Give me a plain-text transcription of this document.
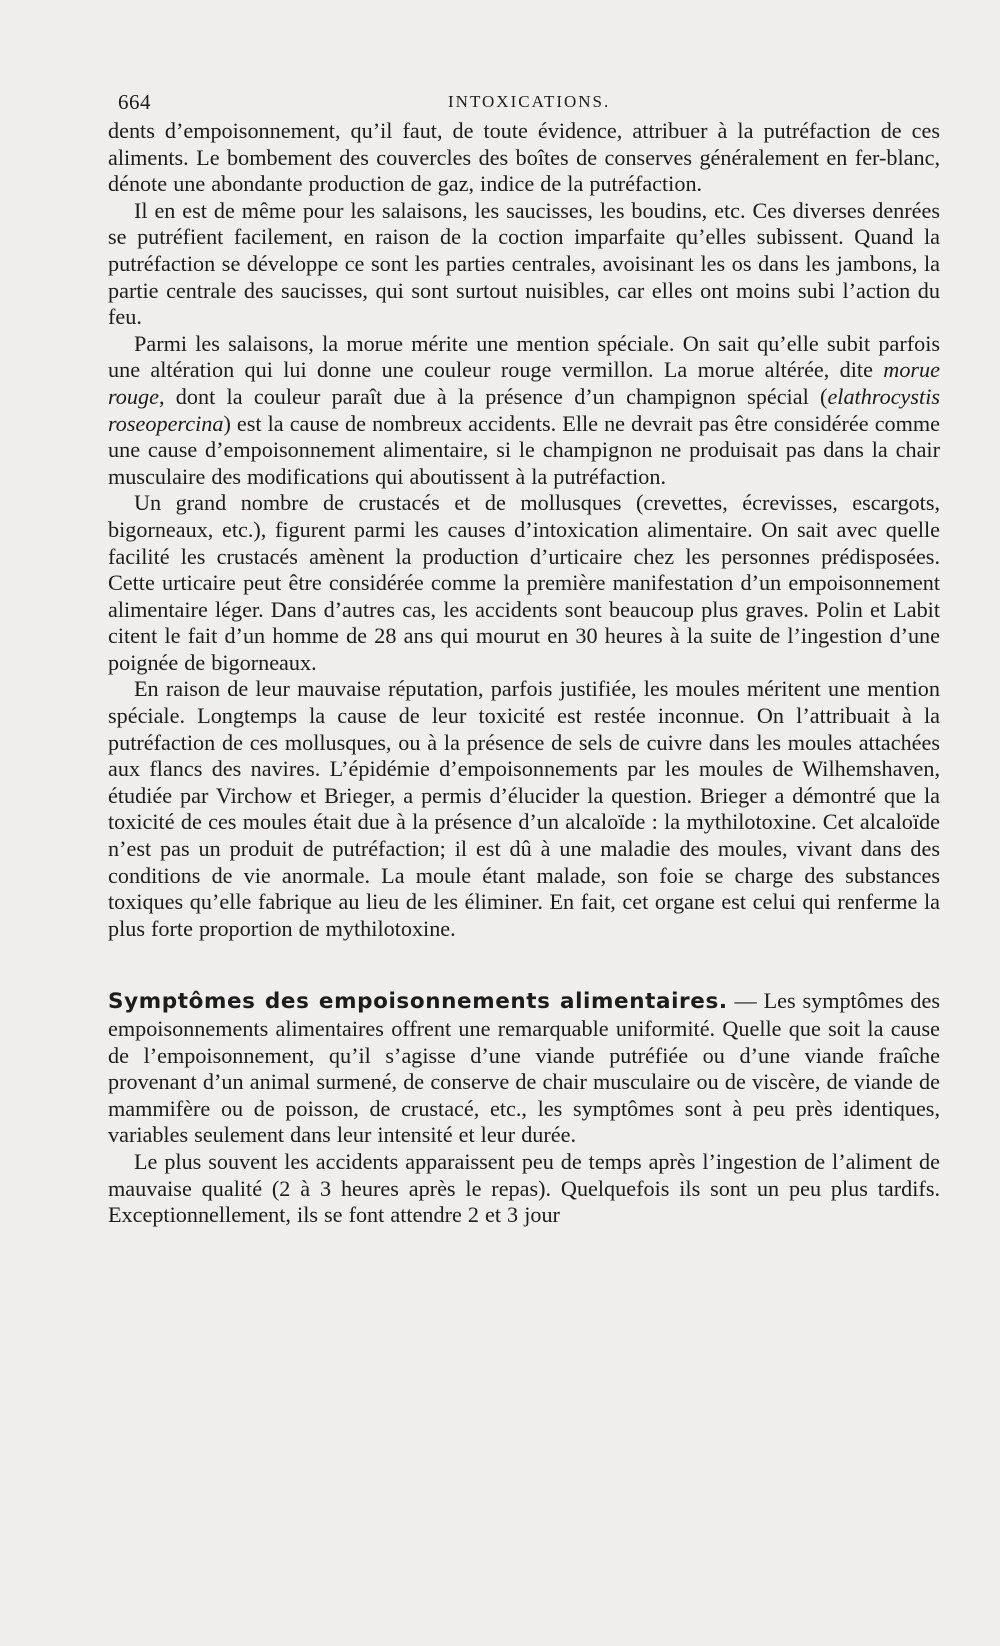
664	INTOXICATIONS.

dents d’empoisonnement, qu’il faut, de toute évidence, attribuer à la putréfaction de ces aliments. Le bombement des couvercles des boîtes de conserves généralement en fer-blanc, dénote une abondante production de gaz, indice de la putréfaction.

Il en est de même pour les salaisons, les saucisses, les boudins, etc. Ces diverses denrées se putréfient facilement, en raison de la coction imparfaite qu’elles subissent. Quand la putréfaction se développe ce sont les parties centrales, avoisinant les os dans les jambons, la partie centrale des saucisses, qui sont surtout nuisibles, car elles ont moins subi l’action du feu.

Parmi les salaisons, la morue mérite une mention spéciale. On sait qu’elle subit parfois une altération qui lui donne une couleur rouge vermillon. La morue altérée, dite morue rouge, dont la couleur paraît due à la présence d’un champignon spécial (elathrocystis roseopercina) est la cause de nombreux accidents. Elle ne devrait pas être considérée comme une cause d’empoisonnement alimentaire, si le champignon ne produisait pas dans la chair musculaire des modifications qui aboutissent à la putréfaction.

Un grand nombre de crustacés et de mollusques (crevettes, écrevisses, escargots, bigorneaux, etc.), figurent parmi les causes d’intoxication alimentaire. On sait avec quelle facilité les crustacés amènent la production d’urticaire chez les personnes prédisposées. Cette urticaire peut être considérée comme la première manifestation d’un empoisonnement alimentaire léger. Dans d’autres cas, les accidents sont beaucoup plus graves. Polin et Labit citent le fait d’un homme de 28 ans qui mourut en 30 heures à la suite de l’ingestion d’une poignée de bigorneaux.

En raison de leur mauvaise réputation, parfois justifiée, les moules méritent une mention spéciale. Longtemps la cause de leur toxicité est restée inconnue. On l’attribuait à la putréfaction de ces mollusques, ou à la présence de sels de cuivre dans les moules attachées aux flancs des navires. L’épidémie d’empoisonnements par les moules de Wilhemshaven, étudiée par Virchow et Brieger, a permis d’élucider la question. Brieger a démontré que la toxicité de ces moules était due à la présence d’un alcaloïde : la mythilotoxine. Cet alcaloïde n’est pas un produit de putréfaction; il est dû à une maladie des moules, vivant dans des conditions de vie anormale. La moule étant malade, son foie se charge des substances toxiques qu’elle fabrique au lieu de les éliminer. En fait, cet organe est celui qui renferme la plus forte proportion de mythilotoxine.

Symptômes des empoisonnements alimentaires. — Les symptômes des empoisonnements alimentaires offrent une remarquable uniformité. Quelle que soit la cause de l’empoisonnement, qu’il s’agisse d’une viande putréfiée ou d’une viande fraîche provenant d’un animal surmené, de conserve de chair musculaire ou de viscère, de viande de mammifère ou de poisson, de crustacé, etc., les symptômes sont à peu près identiques, variables seulement dans leur intensité et leur durée.

Le plus souvent les accidents apparaissent peu de temps après l’ingestion de l’aliment de mauvaise qualité (2 à 3 heures après le repas). Quelquefois ils sont un peu plus tardifs. Exceptionnellement, ils se font attendre 2 et 3 jour
